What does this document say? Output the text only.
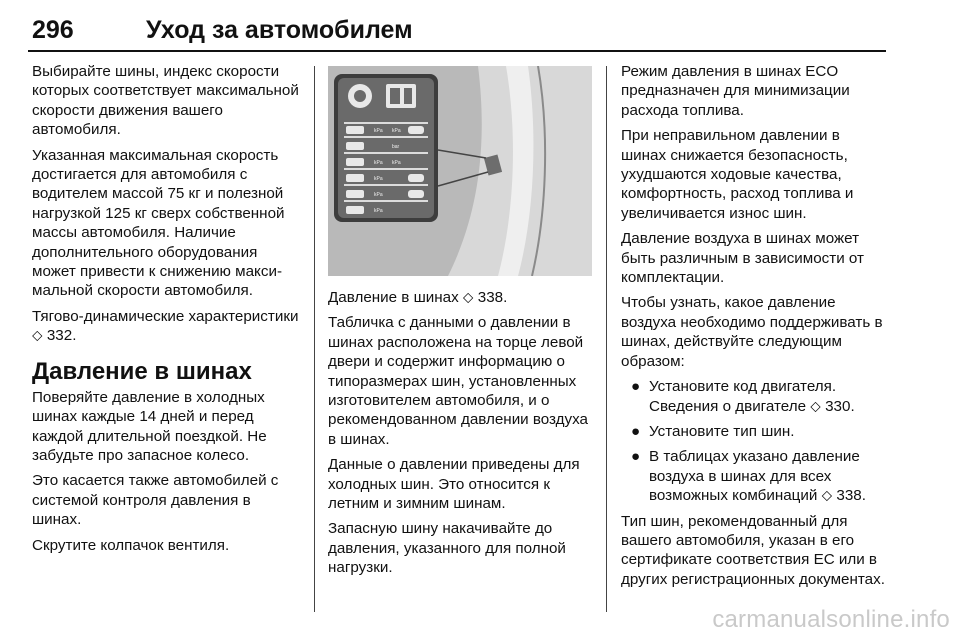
296	Уход за автомобилем

Выбирайте шины, индекс скорости которых соответствует максимальной скорости движения вашего автомобиля.

Указанная максимальная скорость достигается для автомобиля с водителем массой 75 кг и полезной нагрузкой 125 кг сверх собственной массы автомобиля. Наличие дополнительного оборудования может привести к снижению максимальной скорости автомобиля.

Тягово-динамические характеристики ⬦ 332.

Давление в шинах

Поверяйте давление в холодных шинах каждые 14 дней и перед каждой длительной поездкой. Не забудьте про запасное колесо.

Это касается также автомобилей с системой контроля давления в шинах.

Скрутите колпачок вентиля.

kPa kPa
bar
kPa kPa
kPa
kPa
kPa

Давление в шинах ⬦ 338.

Табличка с данными о давлении в шинах расположена на торце левой двери и содержит информацию о типоразмерах шин, установленных изготовителем автомобиля, и о рекомендованном давлении воздуха в шинах.

Данные о давлении приведены для холодных шин. Это относится к летним и зимним шинам.

Запасную шину накачивайте до давления, указанного для полной нагрузки.

Режим давления в шинах ECO предназначен для минимизации расхода топлива.

При неправильном давлении в шинах снижается безопасность, ухудшаются ходовые качества, комфортность, расход топлива и увеличивается износ шин.

Давление воздуха в шинах может быть различным в зависимости от комплектации.

Чтобы узнать, какое давление воздуха необходимо поддерживать в шинах, действуйте следующим образом:

● Установите код двигателя. Сведения о двигателе ⬦ 330.
● Установите тип шин.
● В таблицах указано давление воздуха в шинах для всех возможных комбинаций ⬦ 338.

Тип шин, рекомендованный для вашего автомобиля, указан в его сертификате соответствия ЕС или в других регистрационных документах.

carmanualsonline.info
